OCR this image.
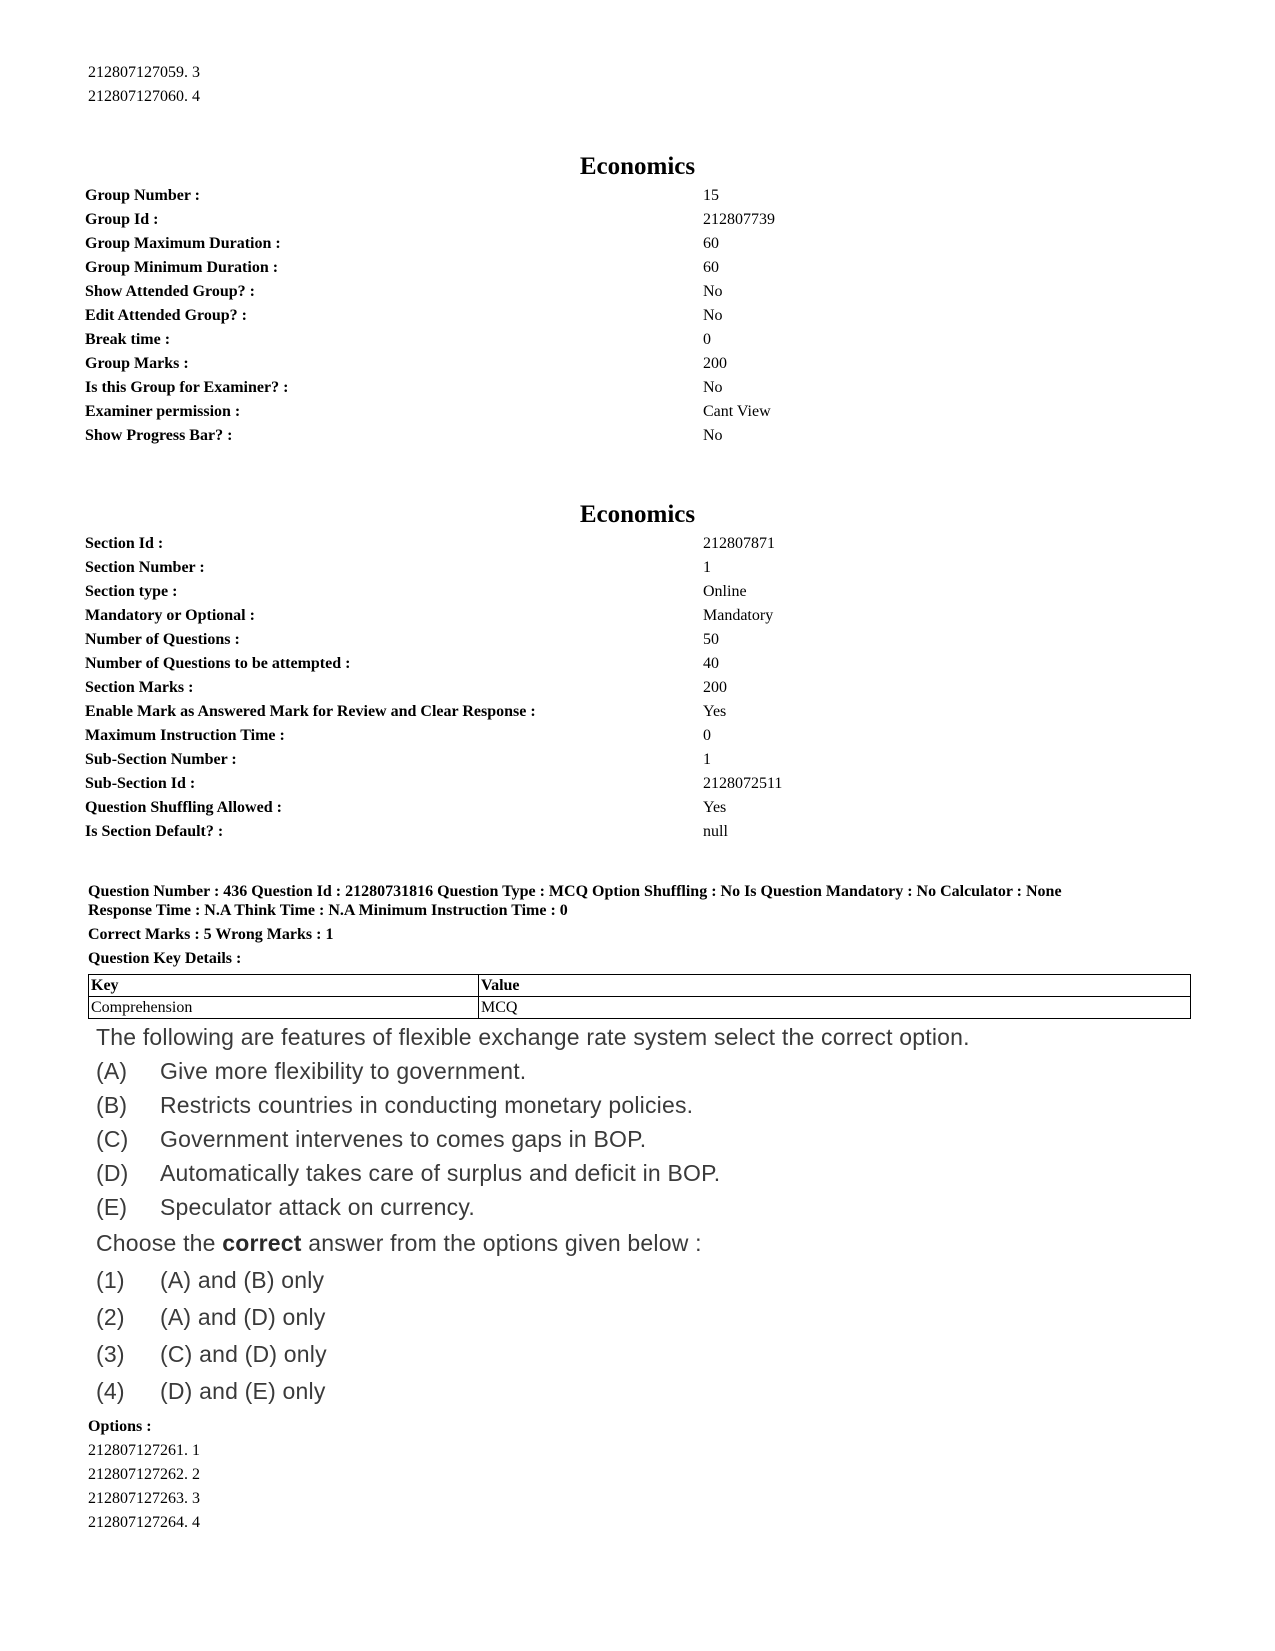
212807127059. 3
212807127060. 4
Economics
Group Number :	15
Group Id :	212807739
Group Maximum Duration :	60
Group Minimum Duration :	60
Show Attended Group? :	No
Edit Attended Group? :	No
Break time :	0
Group Marks :	200
Is this Group for Examiner? :	No
Examiner permission :	Cant View
Show Progress Bar? :	No
Economics
Section Id :	212807871
Section Number :	1
Section type :	Online
Mandatory or Optional :	Mandatory
Number of Questions :	50
Number of Questions to be attempted :	40
Section Marks :	200
Enable Mark as Answered Mark for Review and Clear Response :	Yes
Maximum Instruction Time :	0
Sub-Section Number :	1
Sub-Section Id :	2128072511
Question Shuffling Allowed :	Yes
Is Section Default? :	null
Question Number : 436 Question Id : 21280731816 Question Type : MCQ Option Shuffling : No Is Question Mandatory : No Calculator : None
Response Time : N.A Think Time : N.A Minimum Instruction Time : 0
Correct Marks : 5 Wrong Marks : 1
Question Key Details :
Key	Value
Comprehension	MCQ
The following are features of flexible exchange rate system select the correct option.
(A) Give more flexibility to government.
(B) Restricts countries in conducting monetary policies.
(C) Government intervenes to comes gaps in BOP.
(D) Automatically takes care of surplus and deficit in BOP.
(E) Speculator attack on currency.
Choose the correct answer from the options given below :
(1) (A) and (B) only
(2) (A) and (D) only
(3) (C) and (D) only
(4) (D) and (E) only
Options :
212807127261. 1
212807127262. 2
212807127263. 3
212807127264. 4
